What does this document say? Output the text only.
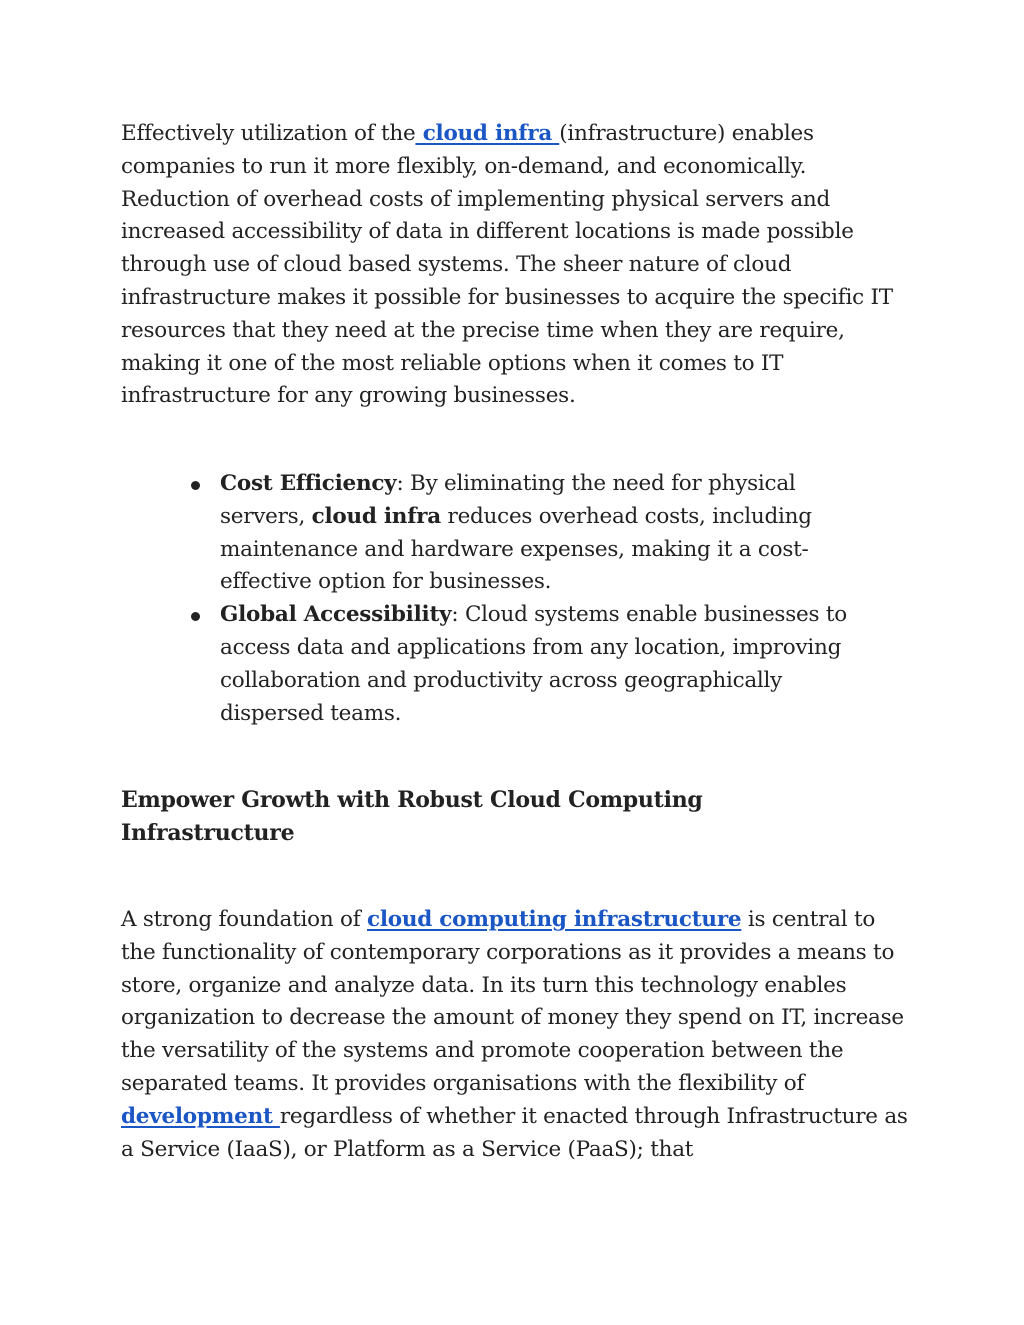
Effectively utilization of the cloud infra (infrastructure) enables companies to run it more flexibly, on-demand, and economically. Reduction of overhead costs of implementing physical servers and increased accessibility of data in different locations is made possible through use of cloud based systems. The sheer nature of cloud infrastructure makes it possible for businesses to acquire the specific IT resources that they need at the precise time when they are require, making it one of the most reliable options when it comes to IT infrastructure for any growing businesses.

Cost Efficiency: By eliminating the need for physical servers, cloud infra reduces overhead costs, including maintenance and hardware expenses, making it a cost-effective option for businesses.
Global Accessibility: Cloud systems enable businesses to access data and applications from any location, improving collaboration and productivity across geographically dispersed teams.
Empower Growth with Robust Cloud Computing Infrastructure

A strong foundation of cloud computing infrastructure is central to the functionality of contemporary corporations as it provides a means to store, organize and analyze data. In its turn this technology enables organization to decrease the amount of money they spend on IT, increase the versatility of the systems and promote cooperation between the separated teams. It provides organisations with the flexibility of development regardless of whether it enacted through Infrastructure as a Service (IaaS), or Platform as a Service (PaaS); that
